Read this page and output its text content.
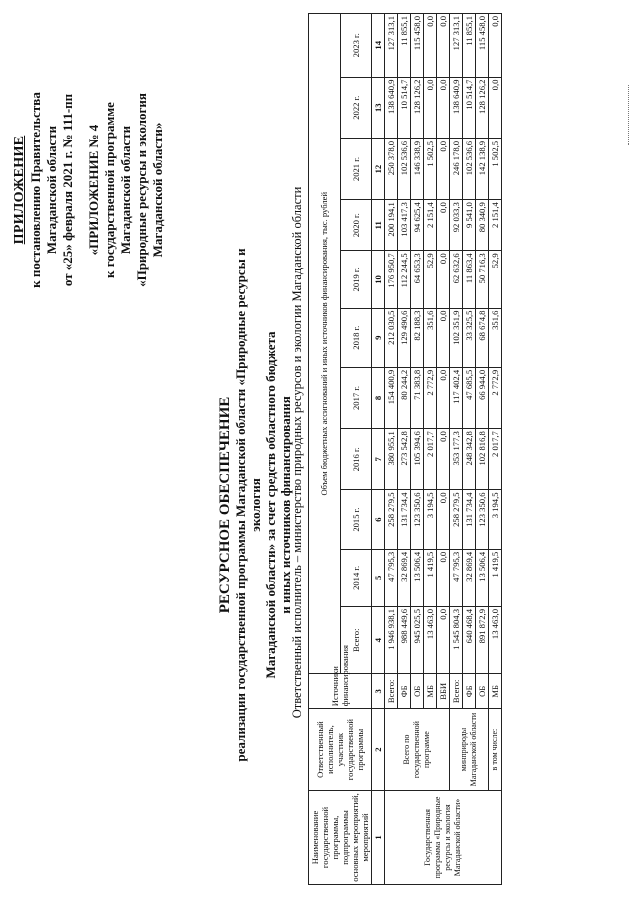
ПРИЛОЖЕНИЕ к постановлению Правительства Магаданской области от «25» февраля 2021 г. № 111-пп «ПРИЛОЖЕНИЕ № 4 к государственной программе Магаданской области «Природные ресурсы и экология Магаданской области»

РЕСУРСНОЕ ОБЕСПЕЧЕНИЕ реализации государственной программы Магаданской области «Природные ресурсы и экология Магаданской области» за счет средств областного бюджета и иных источников финансирования

Ответственный исполнитель – министерство природных ресурсов и экологии Магаданской области
Наименование государственной программы, подпрограммы основных мероприятий, мероприятий	Ответственный исполнитель, участник государственной программы	Источники финансирования	Объем бюджетных ассигнований и иных источников финансирования, тыс. рублей										
			Всего:	2014 г.	2015 г.	2016 г.	2017 г.	2018 г.	2019 г.	2020 г.	2021 г.	2022 г.	2023 г.
1	2	3	4	5	6	7	8	9	10	11	12	13	14
Государственная программа «Природные ресурсы и экология Магаданской области»	Всего по государственной программе	Всего:	1 946 938,1	47 795,3	258 279,5	380 955,1	154 400,9	212 030,5	176 950,7	200 194,1	250 378,0	138 640,9	127 313,1
		ФБ	988 449,6	32 869,4	131 734,4	273 542,8	80 244,2	129 490,6	112 244,5	103 417,3	102 536,6	10 514,7	11 855,1
		ОБ	945 025,5	13 506,4	123 350,6	105 394,6	71 383,8	82 188,3	64 653,3	94 625,4	146 338,9	128 126,2	115 458,0
		МБ	13 463,0	1 419,5	3 194,5	2 017,7	2 772,9	351,6	52,9	2 151,4	1 502,5	0,0	0,0
		ВБИ	0,0	0,0	0,0	0,0	0,0	0,0	0,0	0,0	0,0	0,0	0,0
	минприроды Магаданской области	Всего:	1 545 804,3	47 795,3	258 279,5	353 177,3	117 402,4	102 351,9	62 632,6	92 033,3	246 178,0	138 640,9	127 313,1
		ФБ	640 468,4	32 869,4	131 734,4	248 342,8	47 685,5	33 325,5	11 863,4	9 541,0	102 536,6	10 514,7	11 855,1
		ОБ	891 872,9	13 506,4	123 350,6	102 816,8	66 944,0	68 674,8	50 716,3	80 340,9	142 138,9	128 126,2	115 458,0
	в том числе:	МБ	13 463,0	1 419,5	3 194,5	2 017,7	2 772,9	351,6	52,9	2 151,4	1 502,5	0,0	0,0
